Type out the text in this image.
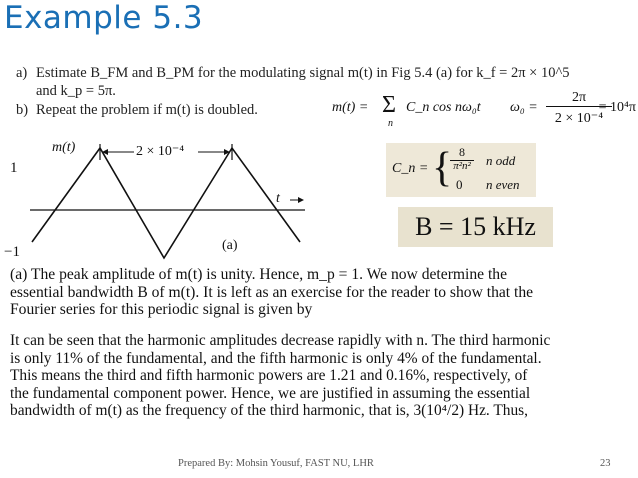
Example 5.3
a) Estimate B_FM and B_PM for the modulating signal m(t) in Fig 5.4 (a) for k_f = 2π × 10^5
and k_p = 5π.
b) Repeat the problem if m(t) is doubled.	m(t) = Σ
n
C_n cos nω₀t ω₀ =
2π
2 × 10⁻⁴
= 10⁴π
C_n = { 8
π²n² n odd
0 n even
B = 15 kHz
m(t)	2 × 10⁻⁴
1
−1
t
(a)
(a) The peak amplitude of m(t) is unity. Hence, m_p = 1. We now determine the
essential bandwidth B of m(t). It is left as an exercise for the reader to show that the
Fourier series for this periodic signal is given by
It can be seen that the harmonic amplitudes decrease rapidly with n. The third harmonic
is only 11% of the fundamental, and the fifth harmonic is only 4% of the fundamental.
This means the third and fifth harmonic powers are 1.21 and 0.16%, respectively, of
the fundamental component power. Hence, we are justified in assuming the essential
bandwidth of m(t) as the frequency of the third harmonic, that is, 3(10⁴/2) Hz. Thus,
Prepared By: Mohsin Yousuf, FAST NU, LHR	23
